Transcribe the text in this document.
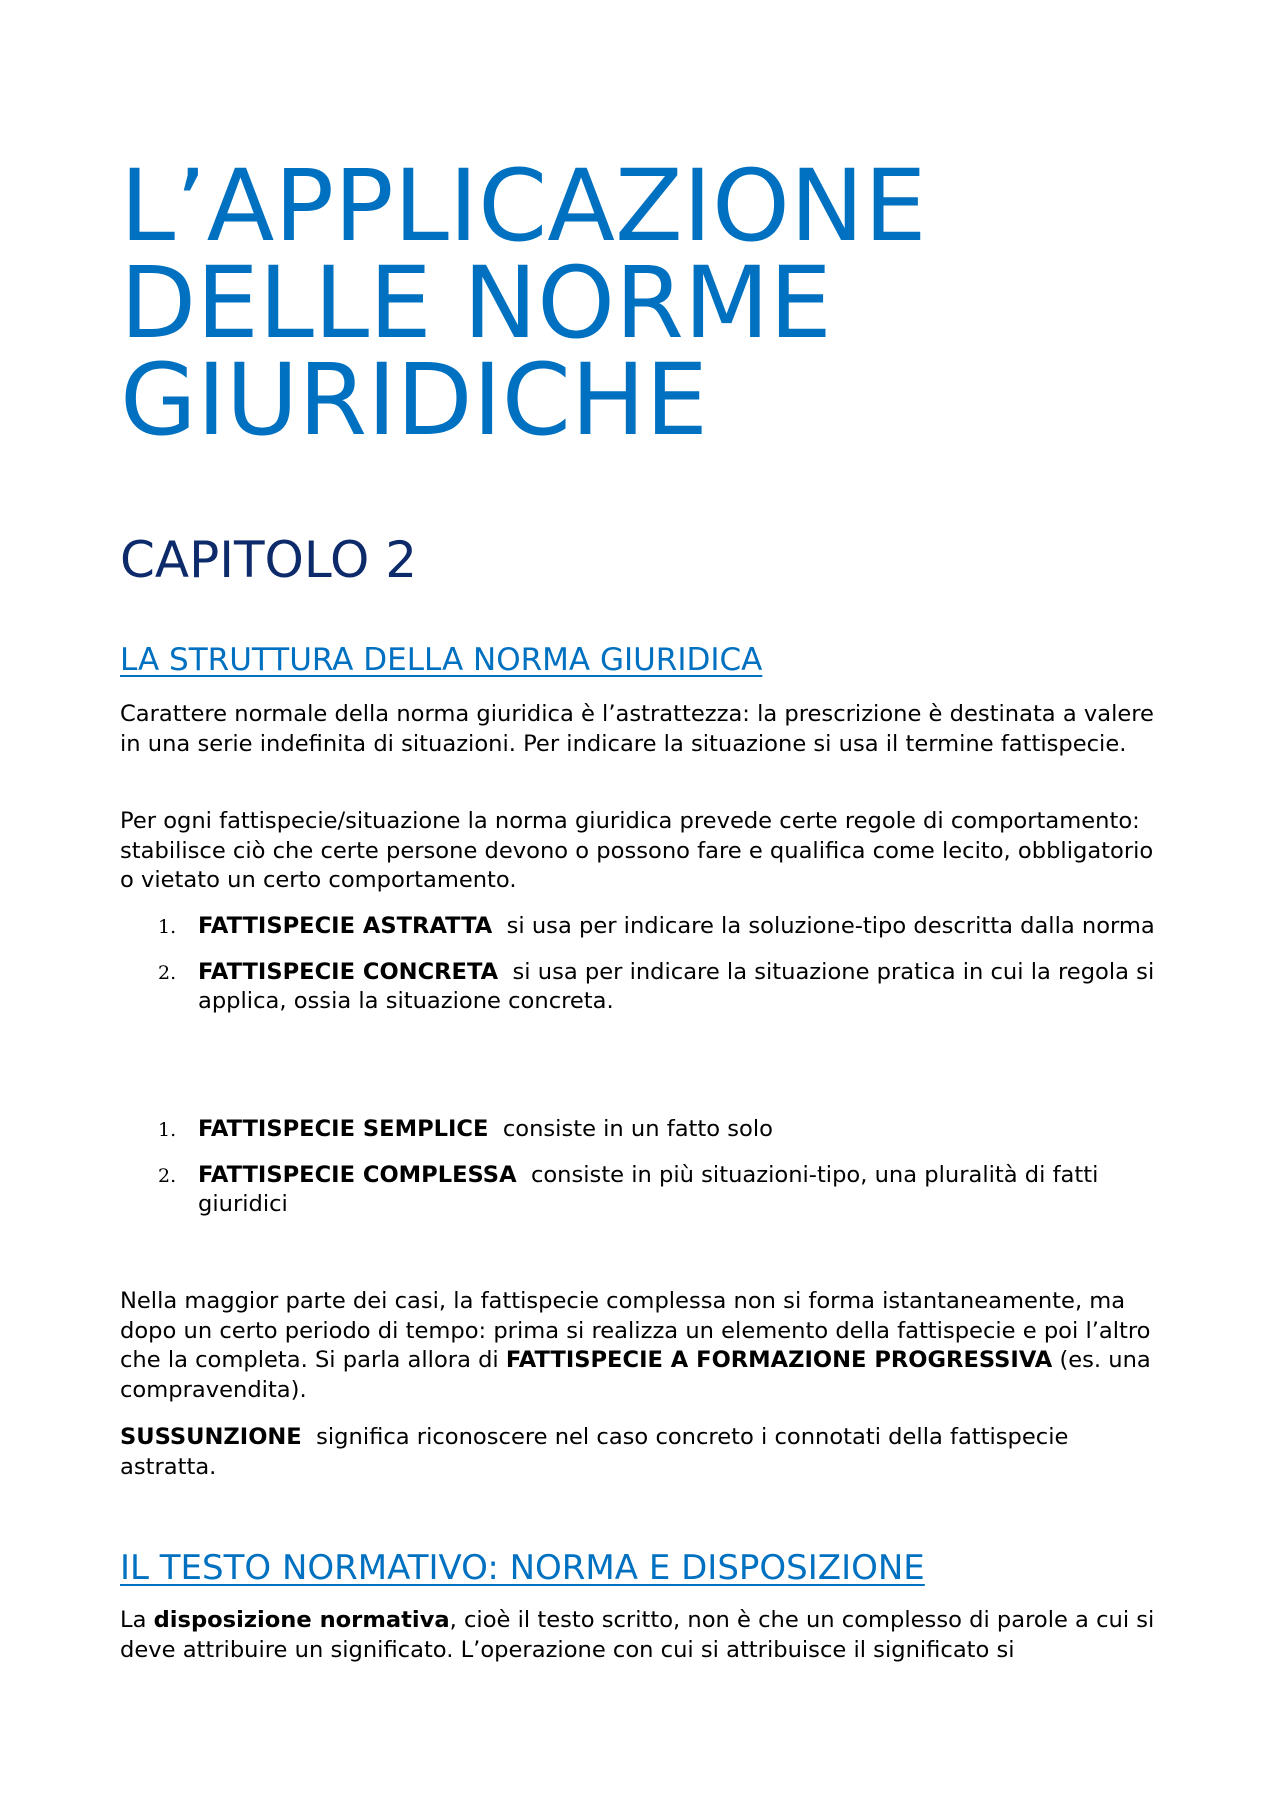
L’APPLICAZIONE
DELLE NORME
GIURIDICHE
CAPITOLO 2
LA STRUTTURA DELLA NORMA GIURIDICA

Carattere normale della norma giuridica è l’astrattezza: la prescrizione è destinata a valere in una serie indefinita di situazioni. Per indicare la situazione si usa il termine fattispecie.

Per ogni fattispecie/situazione la norma giuridica prevede certe regole di comportamento: stabilisce ciò che certe persone devono o possono fare e qualifica come lecito, obbligatorio o vietato un certo comportamento.

1. FATTISPECIE ASTRATTA si usa per indicare la soluzione-tipo descritta dalla norma
2. FATTISPECIE CONCRETA si usa per indicare la situazione pratica in cui la regola si applica, ossia la situazione concreta.
1. FATTISPECIE SEMPLICE consiste in un fatto solo
2. FATTISPECIE COMPLESSA consiste in più situazioni-tipo, una pluralità di fatti giuridici

Nella maggior parte dei casi, la fattispecie complessa non si forma istantaneamente, ma dopo un certo periodo di tempo: prima si realizza un elemento della fattispecie e poi l’altro che la completa. Si parla allora di FATTISPECIE A FORMAZIONE PROGRESSIVA (es. una compravendita).

SUSSUNZIONE significa riconoscere nel caso concreto i connotati della fattispecie astratta.

IL TESTO NORMATIVO: NORMA E DISPOSIZIONE

La disposizione normativa, cioè il testo scritto, non è che un complesso di parole a cui si deve attribuire un significato. L’operazione con cui si attribuisce il significato si
